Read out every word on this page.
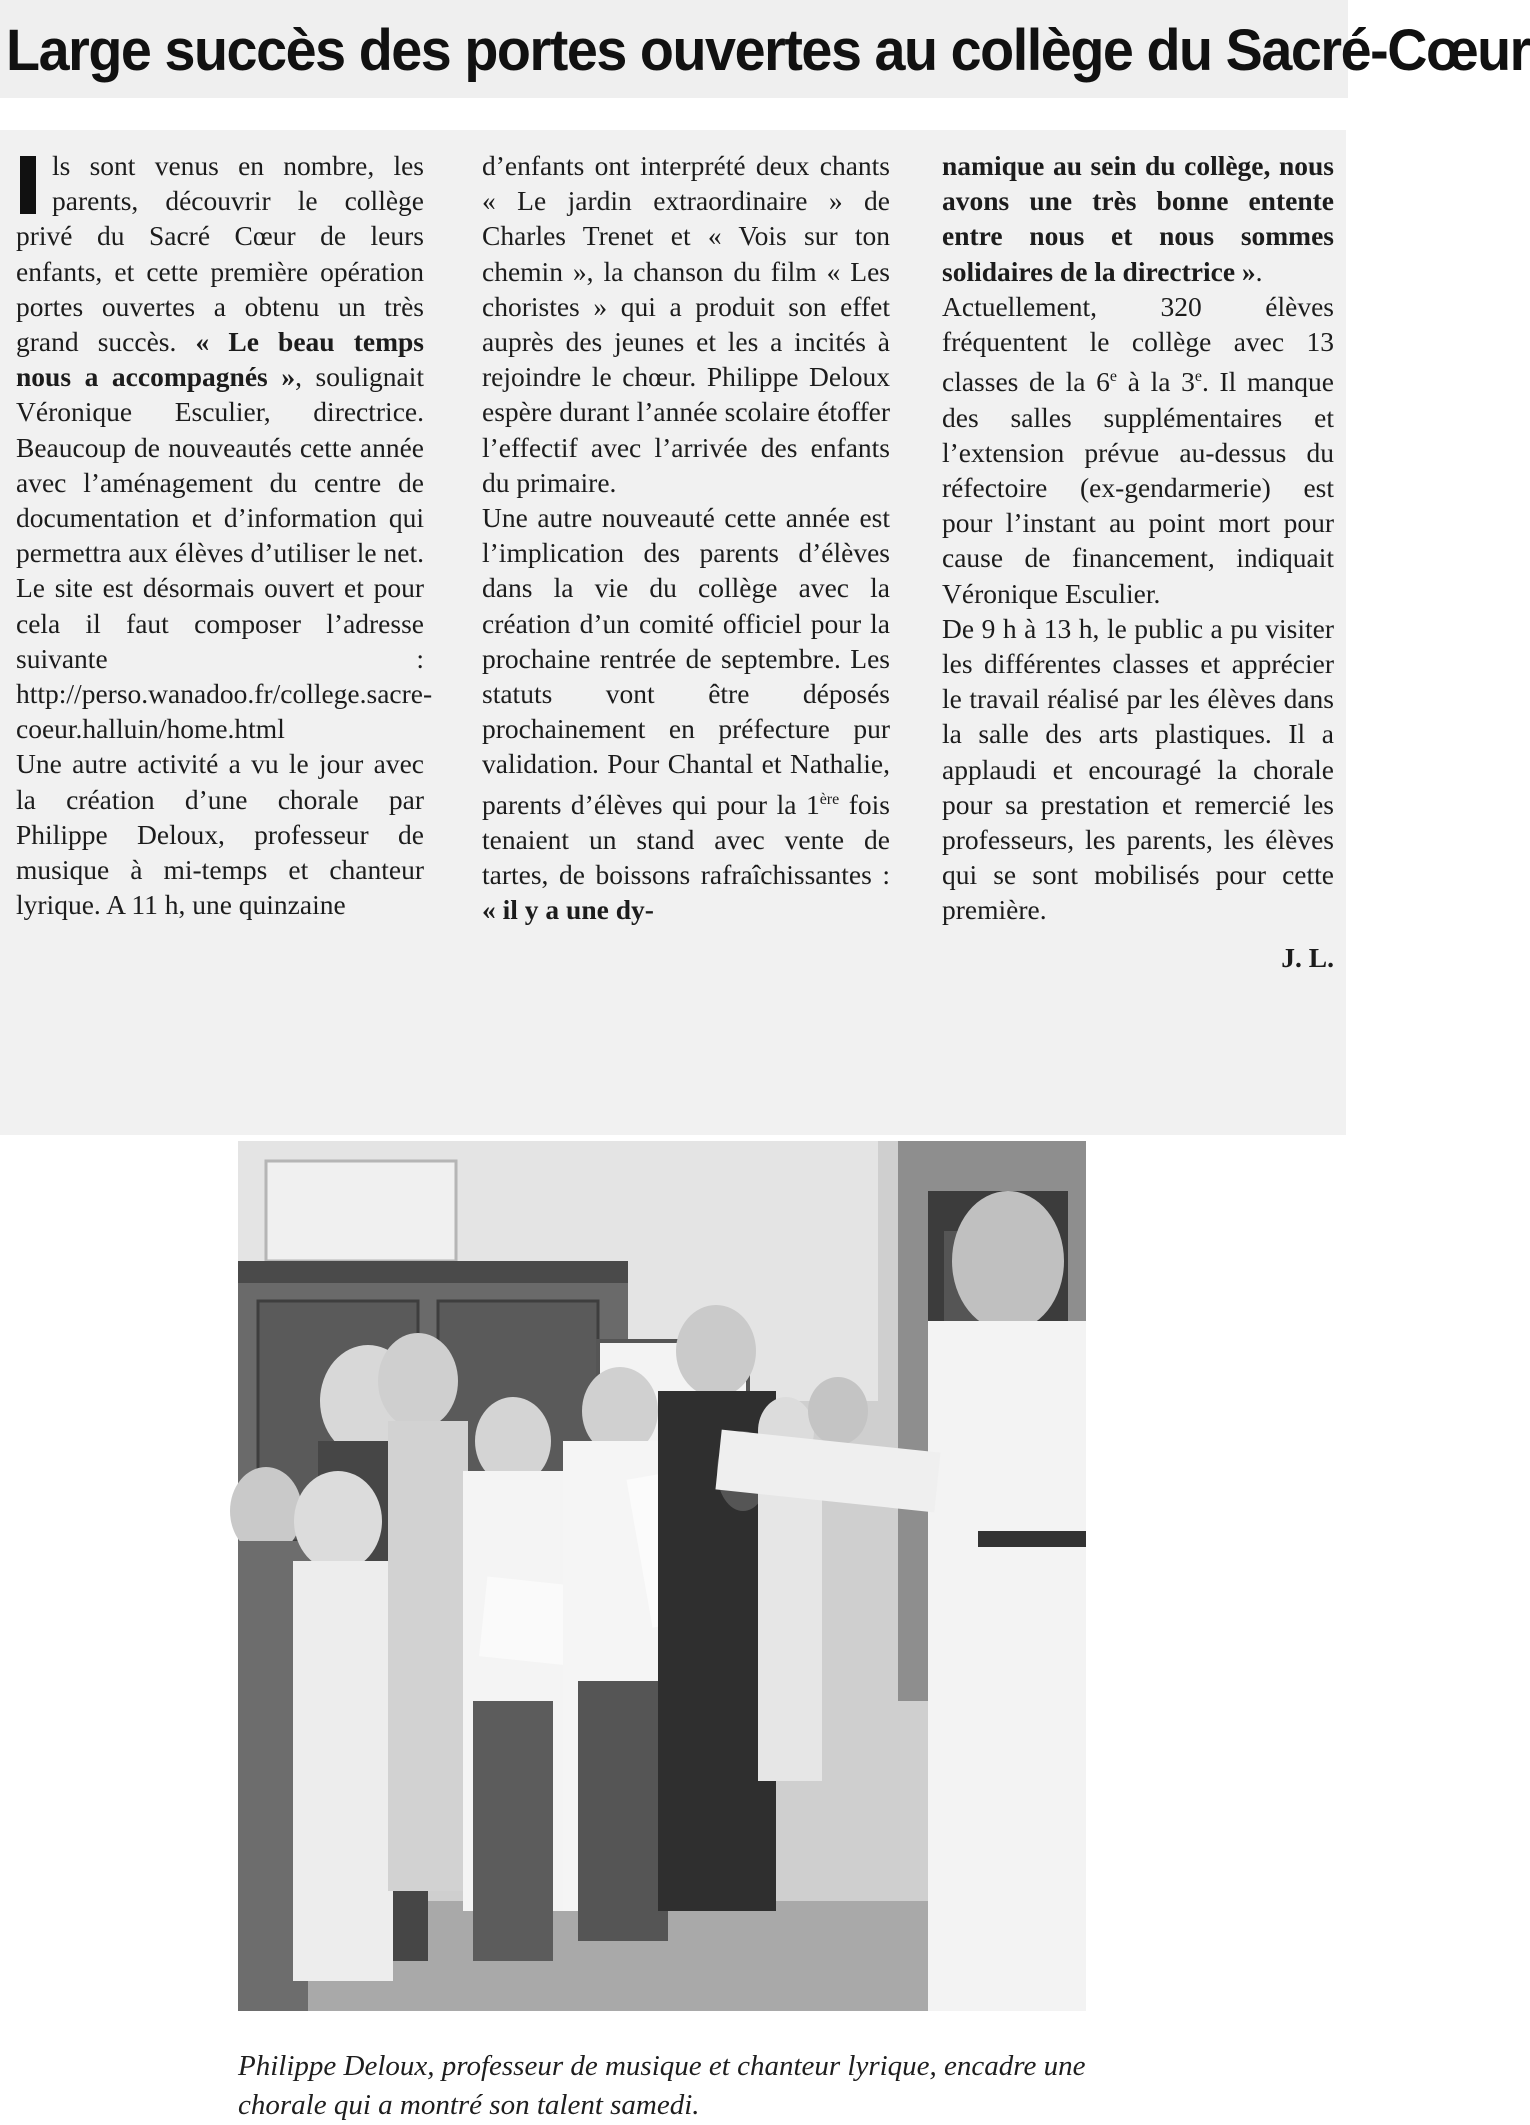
Large succès des portes ouvertes au collège du Sacré-Cœur

ls sont venus en nombre, les parents, découvrir le collège privé du Sacré Cœur de leurs enfants, et cette première opération portes ouvertes a obtenu un très grand succès. « Le beau temps nous a accompagnés », soulignait Véronique Esculier, directrice. Beaucoup de nouveautés cette année avec l’aménagement du centre de documentation et d’information qui permettra aux élèves d’utiliser le net. Le site est désormais ouvert et pour cela il faut composer l’adresse suivante : http://perso.wanadoo.fr/college.sacre-coeur.halluin/home.html

Une autre activité a vu le jour avec la création d’une chorale par Philippe Deloux, professeur de musique à mi-temps et chanteur lyrique. A 11 h, une quinzaine

d’enfants ont interprété deux chants « Le jardin extraordinaire » de Charles Trenet et « Vois sur ton chemin », la chanson du film « Les choristes » qui a produit son effet auprès des jeunes et les a incités à rejoindre le chœur. Philippe Deloux espère durant l’année scolaire étoffer l’effectif avec l’arrivée des enfants du primaire.

Une autre nouveauté cette année est l’implication des parents d’élèves dans la vie du collège avec la création d’un comité officiel pour la prochaine rentrée de septembre. Les statuts vont être déposés prochainement en préfecture pur validation. Pour Chantal et Nathalie, parents d’élèves qui pour la 1ère fois tenaient un stand avec vente de tartes, de boissons rafraîchissantes : « il y a une dy-

namique au sein du collège, nous avons une très bonne entente entre nous et nous sommes solidaires de la directrice ».

Actuellement, 320 élèves fréquentent le collège avec 13 classes de la 6e à la 3e. Il manque des salles supplémentaires et l’extension prévue au-dessus du réfectoire (ex-gendarmerie) est pour l’instant au point mort pour cause de financement, indiquait Véronique Esculier.

De 9 h à 13 h, le public a pu visiter les différentes classes et apprécier le travail réalisé par les élèves dans la salle des arts plastiques. Il a applaudi et encouragé la chorale pour sa prestation et remercié les professeurs, les parents, les élèves qui se sont mobilisés pour cette première.

J. L.

Philippe Deloux, professeur de musique et chanteur lyrique, encadre une chorale qui a montré son talent samedi.
